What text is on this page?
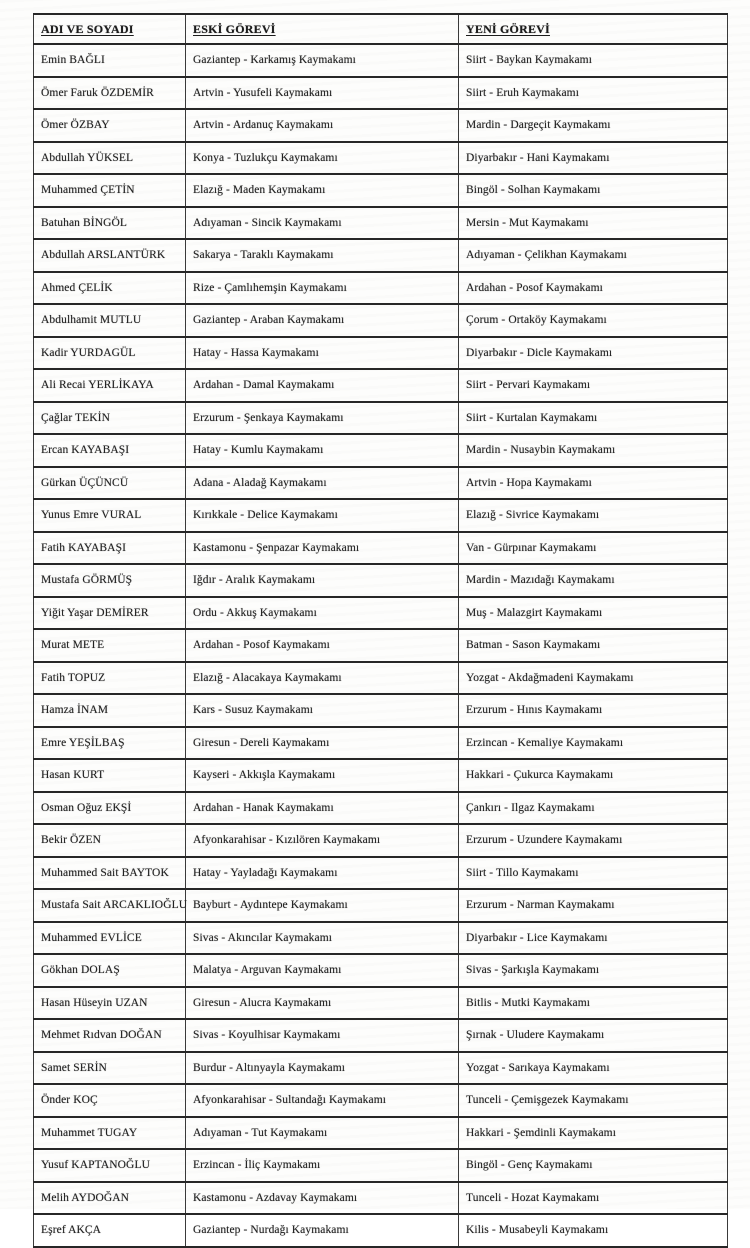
ADI VE SOYADI	ESKİ GÖREVİ	YENİ GÖREVİ
Emin BAĞLI	Gaziantep - Karkamış Kaymakamı	Siirt - Baykan Kaymakamı
Ömer Faruk ÖZDEMİR	Artvin - Yusufeli Kaymakamı	Siirt - Eruh Kaymakamı
Ömer ÖZBAY	Artvin - Ardanuç Kaymakamı	Mardin - Dargeçit Kaymakamı
Abdullah YÜKSEL	Konya - Tuzlukçu Kaymakamı	Diyarbakır - Hani Kaymakamı
Muhammed ÇETİN	Elazığ - Maden Kaymakamı	Bingöl - Solhan Kaymakamı
Batuhan BİNGÖL	Adıyaman - Sincik Kaymakamı	Mersin - Mut Kaymakamı
Abdullah ARSLANTÜRK	Sakarya - Taraklı Kaymakamı	Adıyaman - Çelikhan Kaymakamı
Ahmed ÇELİK	Rize - Çamlıhemşin Kaymakamı	Ardahan - Posof Kaymakamı
Abdulhamit MUTLU	Gaziantep - Araban Kaymakamı	Çorum - Ortaköy Kaymakamı
Kadir YURDAGÜL	Hatay - Hassa Kaymakamı	Diyarbakır - Dicle Kaymakamı
Ali Recai YERLİKAYA	Ardahan - Damal Kaymakamı	Siirt - Pervari Kaymakamı
Çağlar TEKİN	Erzurum - Şenkaya Kaymakamı	Siirt - Kurtalan Kaymakamı
Ercan KAYABAŞI	Hatay - Kumlu Kaymakamı	Mardin - Nusaybin Kaymakamı
Gürkan ÜÇÜNCÜ	Adana - Aladağ Kaymakamı	Artvin - Hopa Kaymakamı
Yunus Emre VURAL	Kırıkkale - Delice Kaymakamı	Elazığ - Sivrice Kaymakamı
Fatih KAYABAŞI	Kastamonu - Şenpazar Kaymakamı	Van - Gürpınar Kaymakamı
Mustafa GÖRMÜŞ	Iğdır - Aralık Kaymakamı	Mardin - Mazıdağı Kaymakamı
Yiğit Yaşar DEMİRER	Ordu - Akkuş Kaymakamı	Muş - Malazgirt Kaymakamı
Murat METE	Ardahan - Posof Kaymakamı	Batman - Sason Kaymakamı
Fatih TOPUZ	Elazığ - Alacakaya Kaymakamı	Yozgat - Akdağmadeni Kaymakamı
Hamza İNAM	Kars - Susuz Kaymakamı	Erzurum - Hınıs Kaymakamı
Emre YEŞİLBAŞ	Giresun - Dereli Kaymakamı	Erzincan - Kemaliye Kaymakamı
Hasan KURT	Kayseri - Akkışla Kaymakamı	Hakkari - Çukurca Kaymakamı
Osman Oğuz EKŞİ	Ardahan - Hanak Kaymakamı	Çankırı - Ilgaz Kaymakamı
Bekir ÖZEN	Afyonkarahisar - Kızılören Kaymakamı	Erzurum - Uzundere Kaymakamı
Muhammed Sait BAYTOK	Hatay - Yayladağı Kaymakamı	Siirt - Tillo Kaymakamı
Mustafa Sait ARCAKLIOĞLU	Bayburt - Aydıntepe Kaymakamı	Erzurum - Narman Kaymakamı
Muhammed EVLİCE	Sivas - Akıncılar Kaymakamı	Diyarbakır - Lice Kaymakamı
Gökhan DOLAŞ	Malatya - Arguvan Kaymakamı	Sivas - Şarkışla Kaymakamı
Hasan Hüseyin UZAN	Giresun - Alucra Kaymakamı	Bitlis - Mutki Kaymakamı
Mehmet Rıdvan DOĞAN	Sivas - Koyulhisar Kaymakamı	Şırnak - Uludere Kaymakamı
Samet SERİN	Burdur - Altınyayla Kaymakamı	Yozgat - Sarıkaya Kaymakamı
Önder KOÇ	Afyonkarahisar - Sultandağı Kaymakamı	Tunceli - Çemişgezek Kaymakamı
Muhammet TUGAY	Adıyaman - Tut Kaymakamı	Hakkari - Şemdinli Kaymakamı
Yusuf KAPTANOĞLU	Erzincan - İliç Kaymakamı	Bingöl - Genç Kaymakamı
Melih AYDOĞAN	Kastamonu - Azdavay Kaymakamı	Tunceli - Hozat Kaymakamı
Eşref AKÇA	Gaziantep - Nurdağı Kaymakamı	Kilis - Musabeyli Kaymakamı
